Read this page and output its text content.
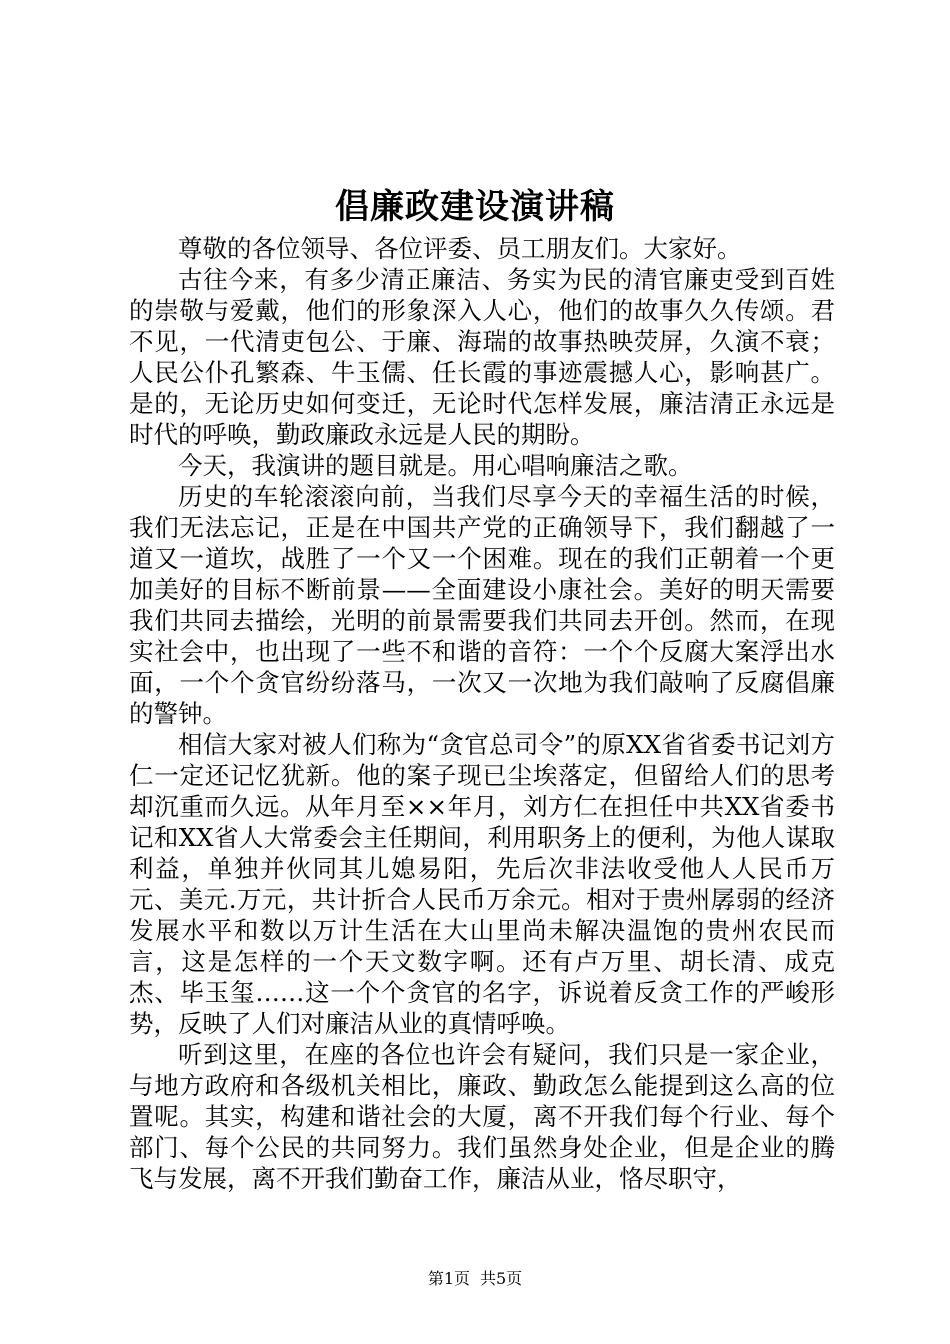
倡廉政建设演讲稿

尊敬的各位领导、各位评委、员工朋友们。大家好。

古往今来，有多少清正廉洁、务实为民的清官廉吏受到百姓的崇敬与爱戴，他们的形象深入人心，他们的故事久久传颂。君不见，一代清吏包公、于廉、海瑞的故事热映荧屏，久演不衰；人民公仆孔繁森、牛玉儒、任长霞的事迹震撼人心，影响甚广。是的，无论历史如何变迁，无论时代怎样发展，廉洁清正永远是时代的呼唤，勤政廉政永远是人民的期盼。

今天，我演讲的题目就是。用心唱响廉洁之歌。

历史的车轮滚滚向前，当我们尽享今天的幸福生活的时候，我们无法忘记，正是在中国共产党的正确领导下，我们翻越了一道又一道坎，战胜了一个又一个困难。现在的我们正朝着一个更加美好的目标不断前景——全面建设小康社会。美好的明天需要我们共同去描绘，光明的前景需要我们共同去开创。然而，在现实社会中，也出现了一些不和谐的音符：一个个反腐大案浮出水面，一个个贪官纷纷落马，一次又一次地为我们敲响了反腐倡廉的警钟。

相信大家对被人们称为“贪官总司令”的原XX省省委书记刘方仁一定还记忆犹新。他的案子现已尘埃落定，但留给人们的思考却沉重而久远。从年月至××年月，刘方仁在担任中共XX省委书记和XX省人大常委会主任期间，利用职务上的便利，为他人谋取利益，单独并伙同其儿媳易阳，先后次非法收受他人人民币万元、美元.万元，共计折合人民币万余元。相对于贵州孱弱的经济发展水平和数以万计生活在大山里尚未解决温饱的贵州农民而言，这是怎样的一个天文数字啊。还有卢万里、胡长清、成克杰、毕玉玺……这一个个贪官的名字，诉说着反贪工作的严峻形势，反映了人们对廉洁从业的真情呼唤。

听到这里，在座的各位也许会有疑问，我们只是一家企业，与地方政府和各级机关相比，廉政、勤政怎么能提到这么高的位置呢。其实，构建和谐社会的大厦，离不开我们每个行业、每个部门、每个公民的共同努力。我们虽然身处企业，但是企业的腾飞与发展，离不开我们勤奋工作，廉洁从业，恪尽职守，

第1页 共5页
